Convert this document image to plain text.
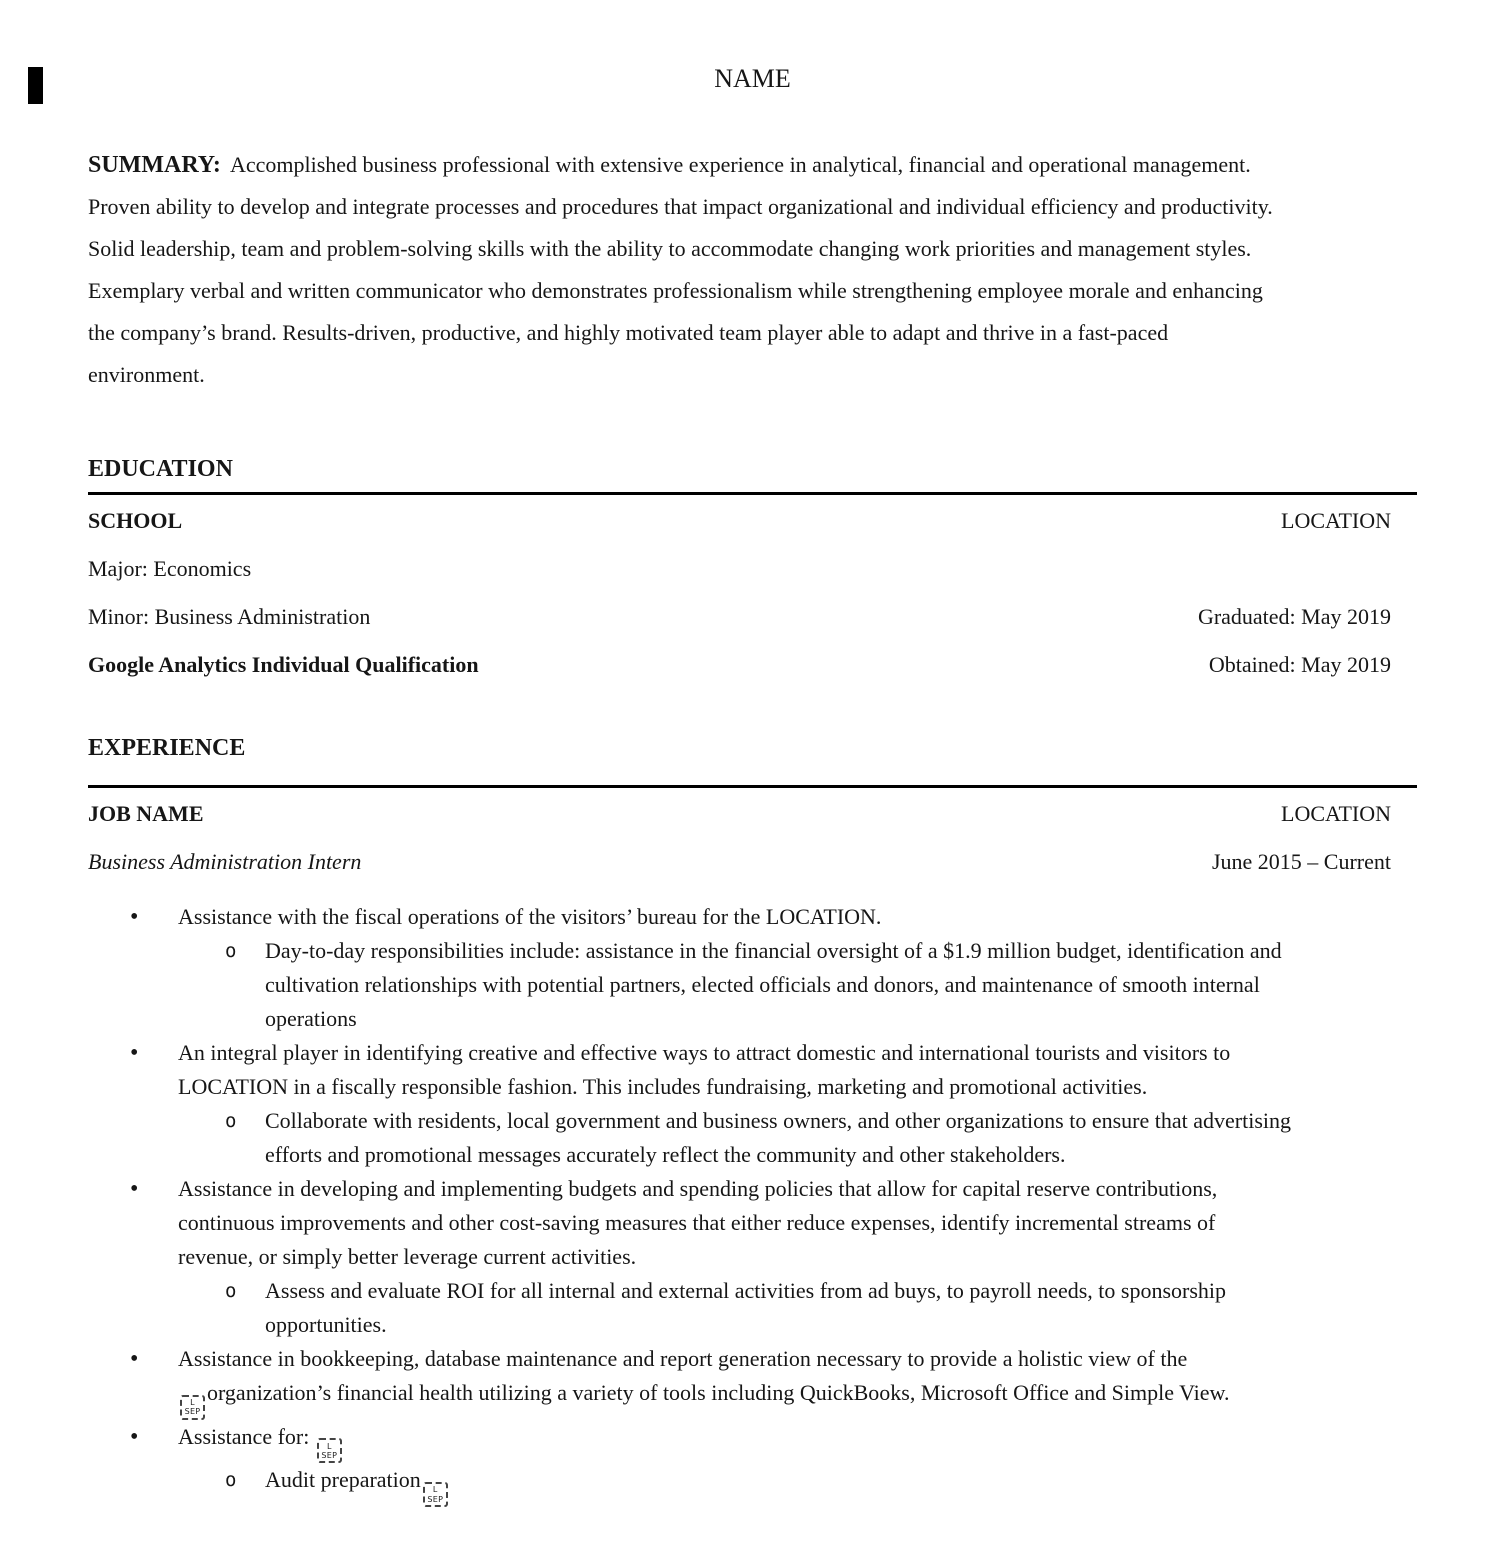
NAME
SUMMARY: Accomplished business professional with extensive experience in analytical, financial and operational management.
Proven ability to develop and integrate processes and procedures that impact organizational and individual efficiency and productivity.
Solid leadership, team and problem-solving skills with the ability to accommodate changing work priorities and management styles.
Exemplary verbal and written communicator who demonstrates professionalism while strengthening employee morale and enhancing
the company’s brand. Results-driven, productive, and highly motivated team player able to adapt and thrive in a fast-paced
environment.
EDUCATION
SCHOOL	LOCATION
Major: Economics
Minor: Business Administration	Graduated: May 2019
Google Analytics Individual Qualification	Obtained: May 2019
EXPERIENCE
JOB NAME	LOCATION
Business Administration Intern	June 2015 – Current
• Assistance with the fiscal operations of the visitors’ bureau for the LOCATION.
o Day-to-day responsibilities include: assistance in the financial oversight of a $1.9 million budget, identification and
cultivation relationships with potential partners, elected officials and donors, and maintenance of smooth internal
operations
• An integral player in identifying creative and effective ways to attract domestic and international tourists and visitors to
LOCATION in a fiscally responsible fashion. This includes fundraising, marketing and promotional activities.
o Collaborate with residents, local government and business owners, and other organizations to ensure that advertising
efforts and promotional messages accurately reflect the community and other stakeholders.
• Assistance in developing and implementing budgets and spending policies that allow for capital reserve contributions,
continuous improvements and other cost-saving measures that either reduce expenses, identify incremental streams of
revenue, or simply better leverage current activities.
o Assess and evaluate ROI for all internal and external activities from ad buys, to payroll needs, to sponsorship
opportunities.
• Assistance in bookkeeping, database maintenance and report generation necessary to provide a holistic view of the
L
SEP
organization’s financial health utilizing a variety of tools including QuickBooks, Microsoft Office and Simple View.
• Assistance for: L
SEP
o Audit preparation L
SEP
